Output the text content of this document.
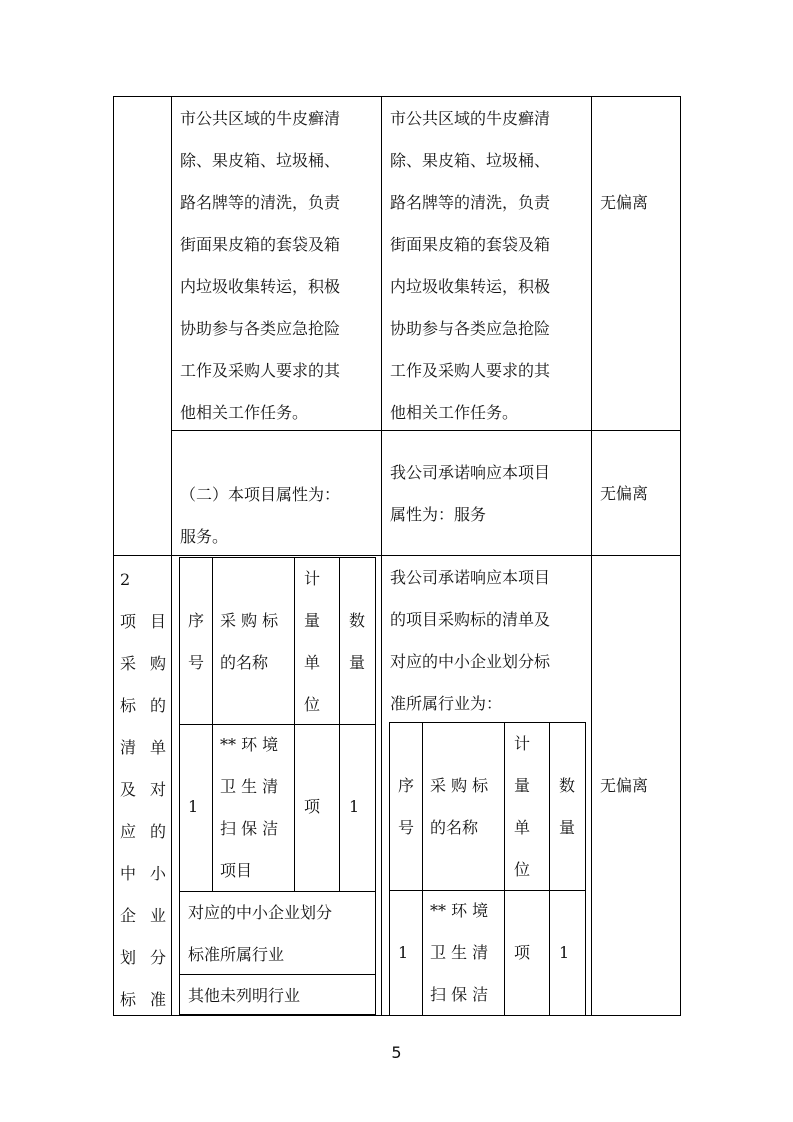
市公共区域的牛皮癣清
除、果皮箱、垃圾桶、
路名牌等的清洗，负责
街面果皮箱的套袋及箱
内垃圾收集转运，积极
协助参与各类应急抢险
工作及采购人要求的其
他相关工作任务。
市公共区域的牛皮癣清
除、果皮箱、垃圾桶、
路名牌等的清洗，负责
街面果皮箱的套袋及箱
内垃圾收集转运，积极
协助参与各类应急抢险
工作及采购人要求的其
他相关工作任务。
无偏离
（二）本项目属性为：
服务。
我公司承诺响应本项目
属性为：服务
无偏离
2
项 目
采 购
标 的
清 单
及 对
应 的
中 小
企 业
划 分
标 准
序
号
采 购 标
的名称
计
量
单
位
数
量
1
** 环 境
卫 生 清
扫 保 洁
项目
项 1
对应的中小企业划分
标准所属行业
其他未列明行业
我公司承诺响应本项目
的项目采购标的清单及
对应的中小企业划分标
准所属行业为：
序
号
采 购 标
的名称
计
量
单
位
数
量
1
** 环 境
卫 生 清
扫 保 洁
项 1
无偏离
5
